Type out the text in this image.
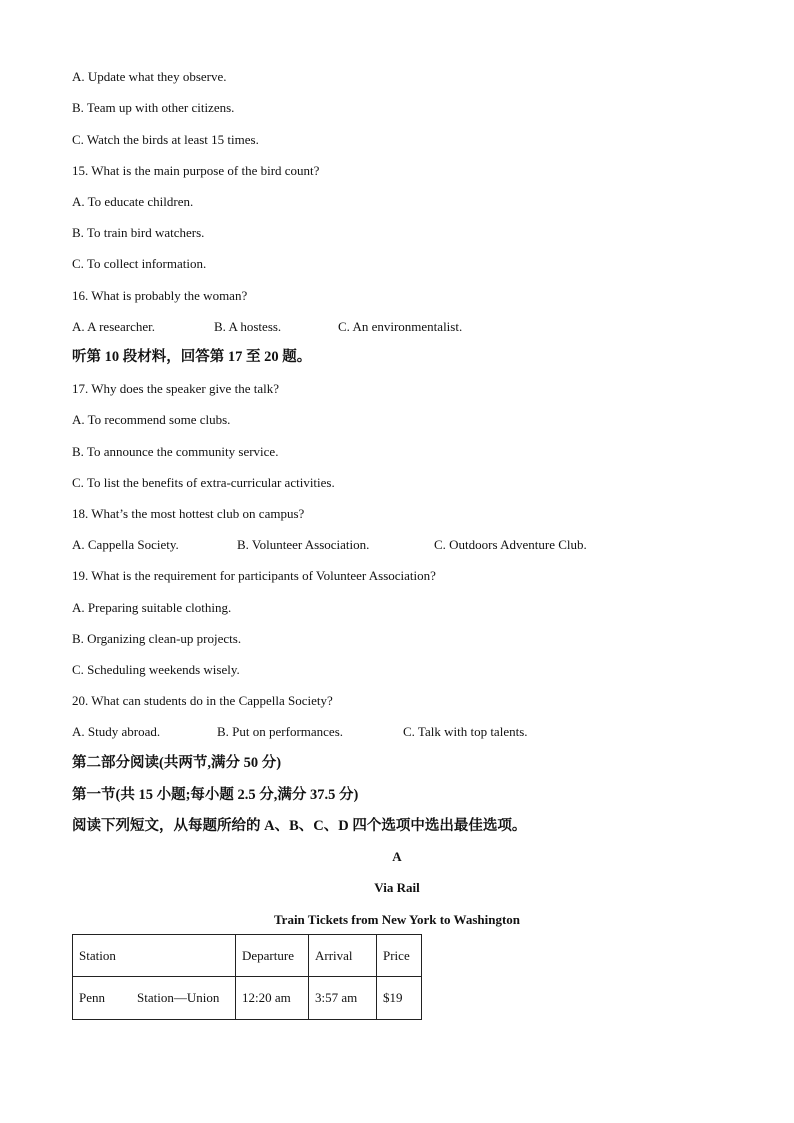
A. Update what they observe.
B. Team up with other citizens.
C. Watch the birds at least 15 times.
15. What is the main purpose of the bird count?
A. To educate children.
B. To train bird watchers.
C. To collect information.
16. What is probably the woman?
A. A researcher.	B. A hostess.	C. An environmentalist.
听第 10 段材料，回答第 17 至 20 题。
17. Why does the speaker give the talk?
A. To recommend some clubs.
B. To announce the community service.
C. To list the benefits of extra-curricular activities.
18. What’s the most hottest club on campus?
A. Cappella Society.	B. Volunteer Association.	C. Outdoors Adventure Club.
19. What is the requirement for participants of Volunteer Association?
A. Preparing suitable clothing.
B. Organizing clean-up projects.
C. Scheduling weekends wisely.
20. What can students do in the Cappella Society?
A. Study abroad.	B. Put on performances.	C. Talk with top talents.
第二部分阅读(共两节,满分 50 分)
第一节(共 15 小题;每小题 2.5 分,满分 37.5 分)
阅读下列短文，从每题所给的 A、B、C、D 四个选项中选出最佳选项。
A
Via Rail
Train Tickets from New York to Washington
Station	Departure	Arrival	Price
Penn Station—Union	12:20 am	3:57 am	$19
